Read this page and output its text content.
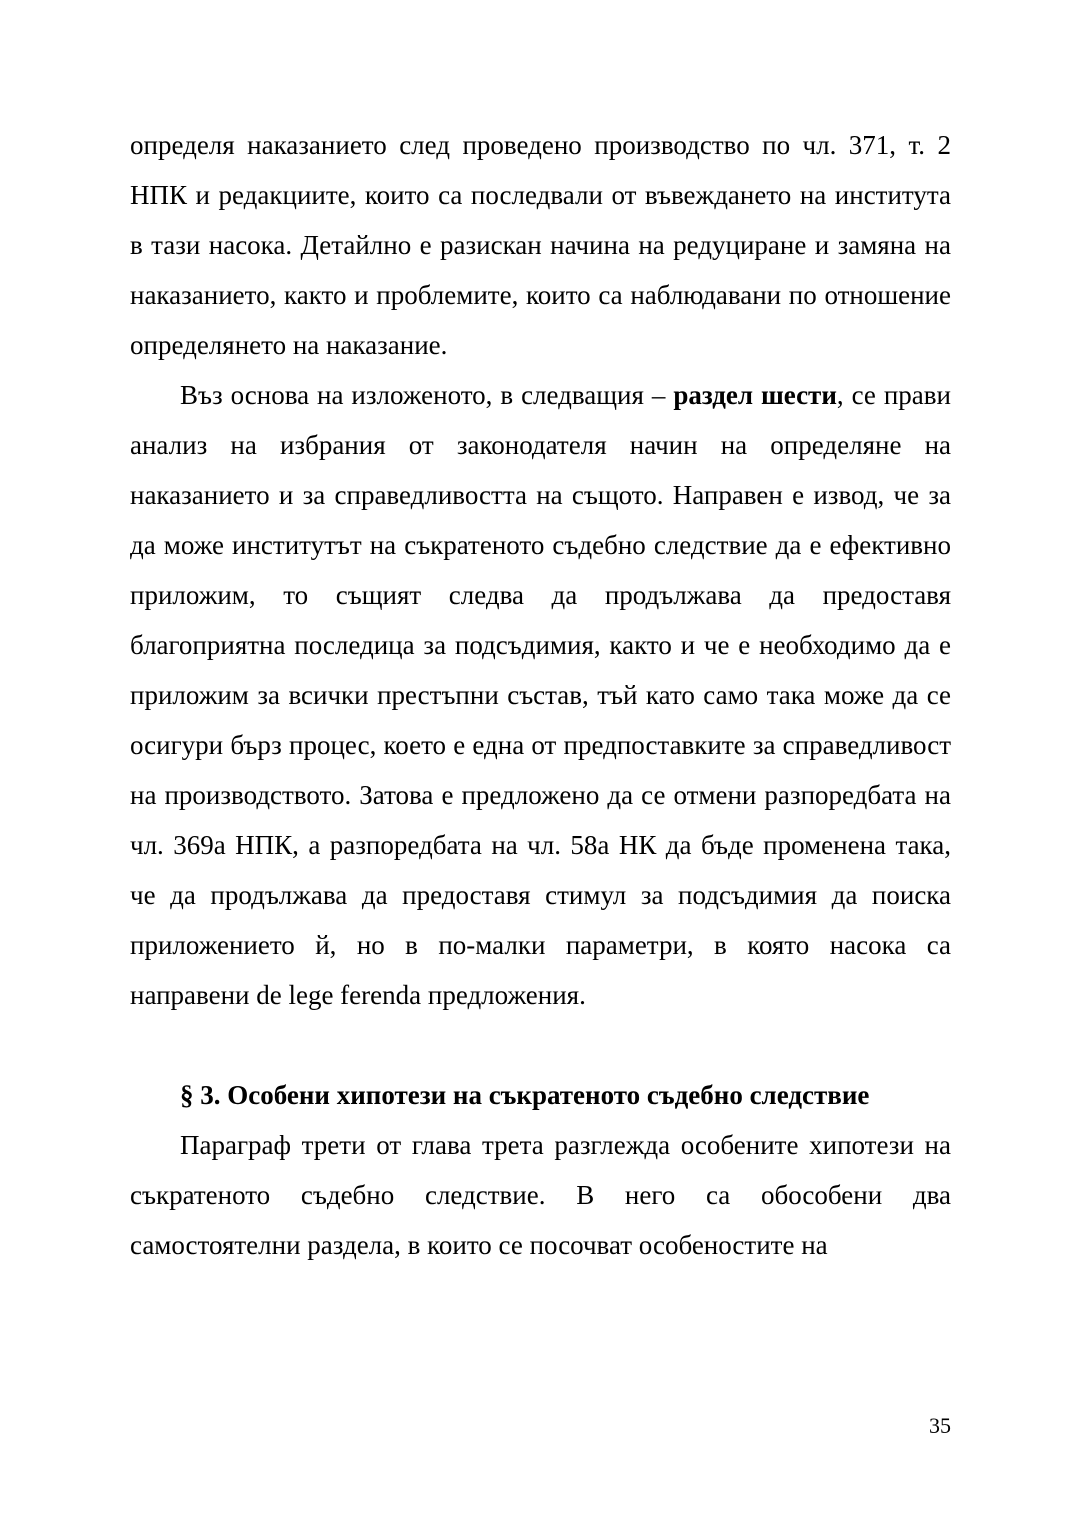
определя наказанието след проведено производство по чл. 371, т. 2 НПК и редакциите, които са последвали от въвеждането на института в тази насока. Детайлно е разискан начина на редуциране и замяна на наказанието, както и проблемите, които са наблюдавани по отношение определянето на наказание.

Въз основа на изложеното, в следващия – раздел шести, се прави анализ на избрания от законодателя начин на определяне на наказанието и за справедливостта на същото. Направен е извод, че за да може институтът на съкратеното съдебно следствие да е ефективно приложим, то същият следва да продължава да предоставя благоприятна последица за подсъдимия, както и че е необходимо да е приложим за всички престъпни състав, тъй като само така може да се осигури бърз процес, което е една от предпоставките за справедливост на производството. Затова е предложено да се отмени разпоредбата на чл. 369а НПК, а разпоредбата на чл. 58а НК да бъде променена така, че да продължава да предоставя стимул за подсъдимия да поиска приложението й, но в по-малки параметри, в която насока са направени de lege ferenda предложения.

§ 3. Особени хипотези на съкратеното съдебно следствие

Параграф трети от глава трета разглежда особените хипотези на съкратеното съдебно следствие. В него са обособени два самостоятелни раздела, в които се посочват особеностите на

35
